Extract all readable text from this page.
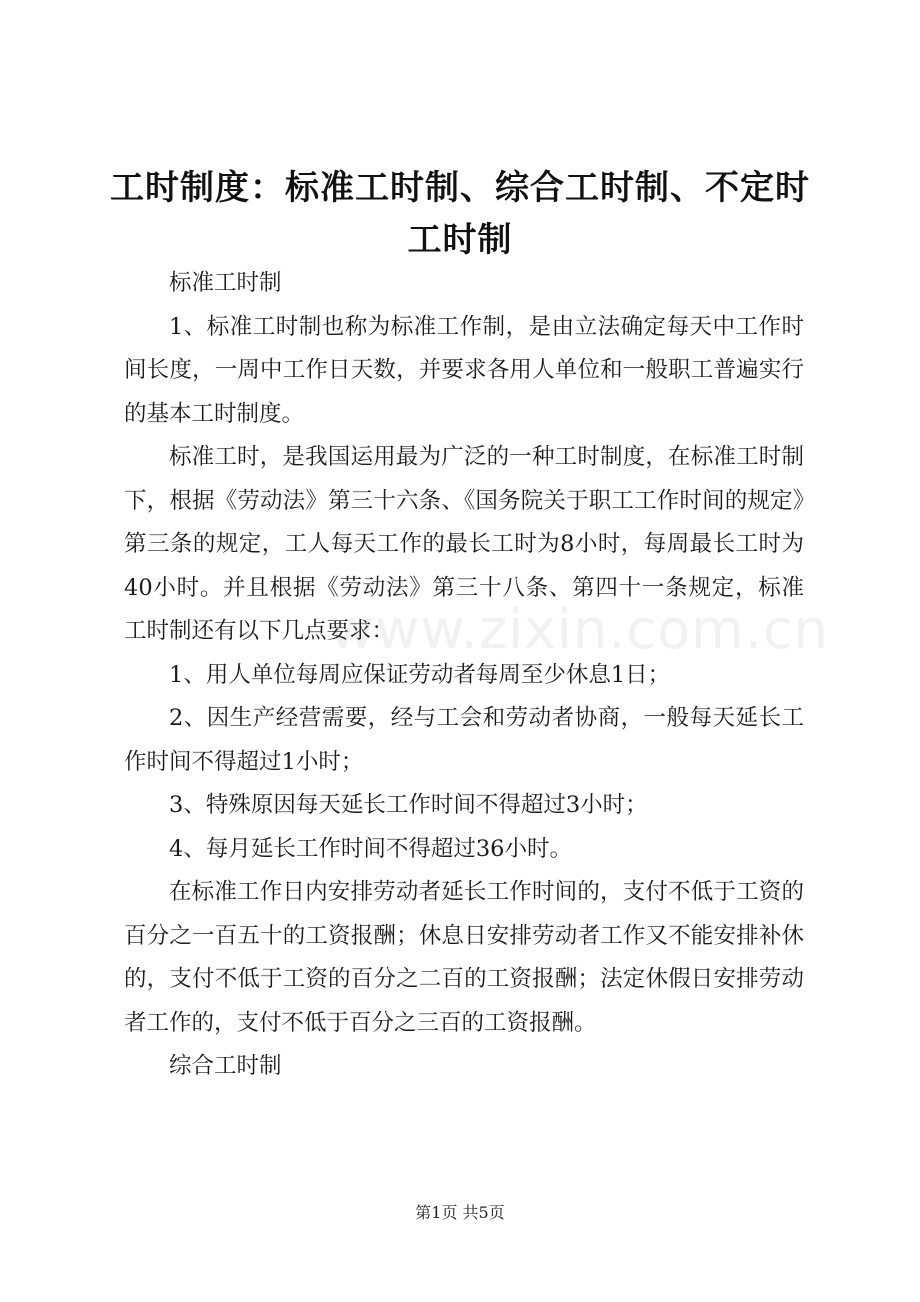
工时制度：标准工时制、综合工时制、不定时工时制

标准工时制

1、标准工时制也称为标准工作制，是由立法确定每天中工作时间长度，一周中工作日天数，并要求各用人单位和一般职工普遍实行的基本工时制度。

标准工时，是我国运用最为广泛的一种工时制度，在标准工时制下，根据《劳动法》第三十六条、《国务院关于职工工作时间的规定》第三条的规定，工人每天工作的最长工时为8小时，每周最长工时为40小时。并且根据《劳动法》第三十八条、第四十一条规定，标准工时制还有以下几点要求：

1、用人单位每周应保证劳动者每周至少休息1日；

2、因生产经营需要，经与工会和劳动者协商，一般每天延长工作时间不得超过1小时；

3、特殊原因每天延长工作时间不得超过3小时；

4、每月延长工作时间不得超过36小时。

在标准工作日内安排劳动者延长工作时间的，支付不低于工资的百分之一百五十的工资报酬；休息日安排劳动者工作又不能安排补休的，支付不低于工资的百分之二百的工资报酬；法定休假日安排劳动者工作的，支付不低于百分之三百的工资报酬。

综合工时制

www.zixin.com.cn
第1页 共5页
